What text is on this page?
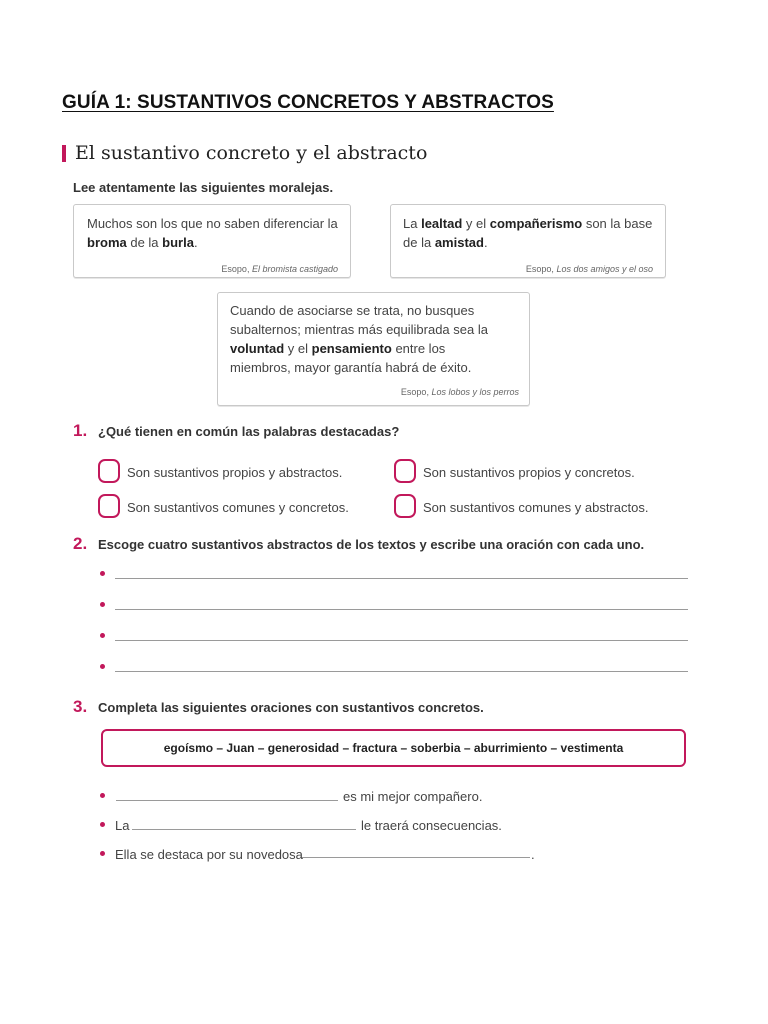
GUÍA 1: SUSTANTIVOS CONCRETOS Y ABSTRACTOS
El sustantivo concreto y el abstracto
Lee atentamente las siguientes moralejas.
Muchos son los que no saben diferenciar la broma de la burla.
Esopo, El bromista castigado
La lealtad y el compañerismo son la base de la amistad.
Esopo, Los dos amigos y el oso
Cuando de asociarse se trata, no busques subalternos; mientras más equilibrada sea la voluntad y el pensamiento entre los miembros, mayor garantía habrá de éxito.
Esopo, Los lobos y los perros
1. ¿Qué tienen en común las palabras destacadas?
Son sustantivos propios y abstractos.	Son sustantivos propios y concretos.
Son sustantivos comunes y concretos.	Son sustantivos comunes y abstractos.
2. Escoge cuatro sustantivos abstractos de los textos y escribe una oración con cada uno.
3. Completa las siguientes oraciones con sustantivos concretos.
egoísmo – Juan – generosidad – fractura – soberbia – aburrimiento – vestimenta
es mi mejor compañero.
La	le traerá consecuencias.
Ella se destaca por su novedosa	.
